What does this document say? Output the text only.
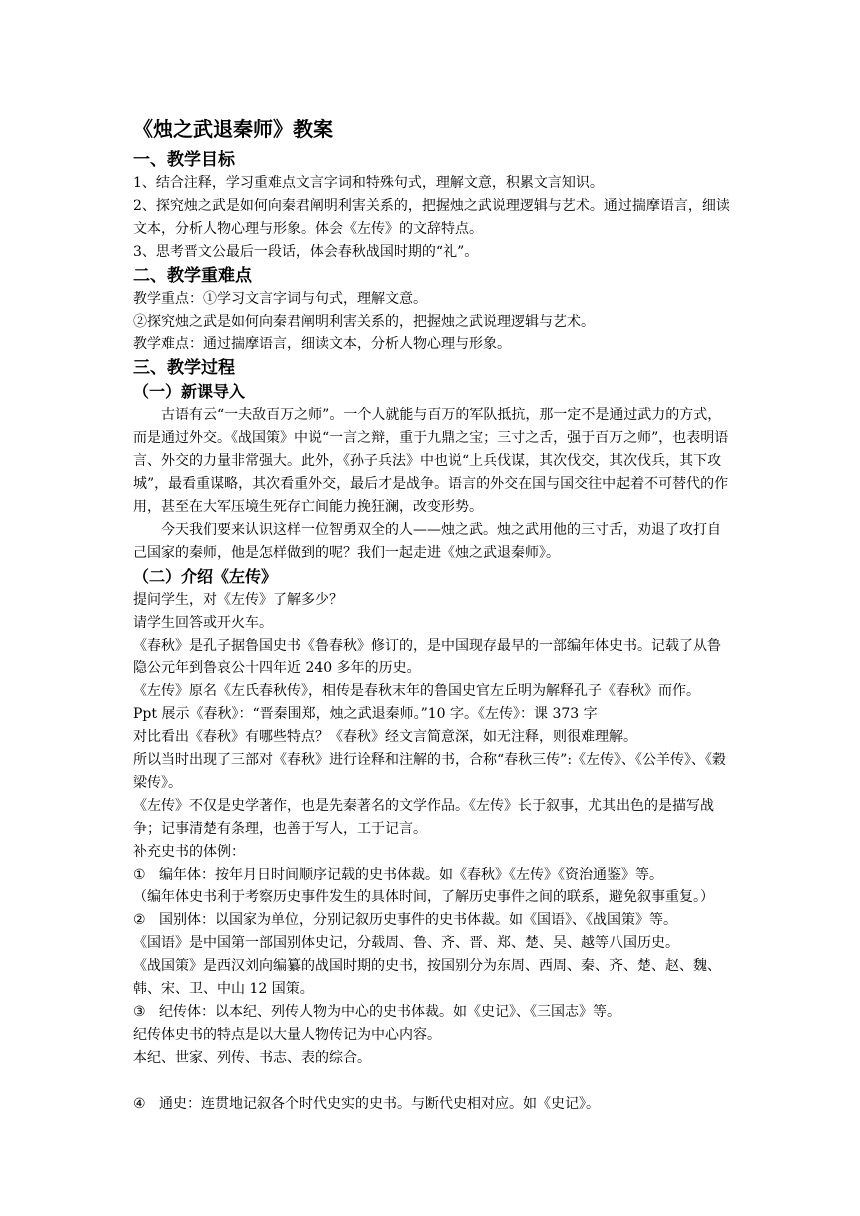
《烛之武退秦师》教案
一、教学目标
1、结合注释，学习重难点文言字词和特殊句式，理解文意，积累文言知识。
2、探究烛之武是如何向秦君阐明利害关系的，把握烛之武说理逻辑与艺术。通过揣摩语言，细读文本，分析人物心理与形象。体会《左传》的文辞特点。
3、思考晋文公最后一段话，体会春秋战国时期的“礼”。
二、教学重难点
教学重点：①学习文言字词与句式，理解文意。
②探究烛之武是如何向秦君阐明利害关系的，把握烛之武说理逻辑与艺术。
教学难点：通过揣摩语言，细读文本，分析人物心理与形象。
三、教学过程
（一）新课导入
古语有云“一夫敌百万之师”。一个人就能与百万的军队抵抗，那一定不是通过武力的方式，而是通过外交。《战国策》中说“一言之辩，重于九鼎之宝；三寸之舌，强于百万之师”，也表明语言、外交的力量非常强大。此外，《孙子兵法》中也说“上兵伐谋，其次伐交，其次伐兵，其下攻城”，最看重谋略，其次看重外交，最后才是战争。语言的外交在国与国交往中起着不可替代的作用，甚至在大军压境生死存亡间能力挽狂澜，改变形势。
今天我们要来认识这样一位智勇双全的人——烛之武。烛之武用他的三寸舌，劝退了攻打自己国家的秦师，他是怎样做到的呢？我们一起走进《烛之武退秦师》。
（二）介绍《左传》
提问学生，对《左传》了解多少？
请学生回答或开火车。
《春秋》是孔子据鲁国史书《鲁春秋》修订的，是中国现存最早的一部编年体史书。记载了从鲁隐公元年到鲁哀公十四年近 240 多年的历史。
《左传》原名《左氏春秋传》，相传是春秋末年的鲁国史官左丘明为解释孔子《春秋》而作。
Ppt 展示《春秋》：“晋秦围郑，烛之武退秦师。”10 字。《左传》：课 373 字
对比看出《春秋》有哪些特点？《春秋》经文言简意深，如无注释，则很难理解。
所以当时出现了三部对《春秋》进行诠释和注解的书，合称“春秋三传”:《左传》、《公羊传》、《穀梁传》。
《左传》不仅是史学著作，也是先秦著名的文学作品。《左传》长于叙事，尤其出色的是描写战争；记事清楚有条理，也善于写人，工于记言。
补充史书的体例：
① 编年体：按年月日时间顺序记载的史书体裁。如《春秋》《左传》《资治通鉴》等。
（编年体史书利于考察历史事件发生的具体时间，了解历史事件之间的联系，避免叙事重复。）
② 国别体：以国家为单位，分别记叙历史事件的史书体裁。如《国语》、《战国策》等。
《国语》是中国第一部国别体史记，分载周、鲁、齐、晋、郑、楚、吴、越等八国历史。
《战国策》是西汉刘向编纂的战国时期的史书，按国别分为东周、西周、秦、齐、楚、赵、魏、韩、宋、卫、中山 12 国策。
③ 纪传体：以本纪、列传人物为中心的史书体裁。如《史记》、《三国志》等。
纪传体史书的特点是以大量人物传记为中心内容。
本纪、世家、列传、书志、表的综合。
④ 通史：连贯地记叙各个时代史实的史书。与断代史相对应。如《史记》。
